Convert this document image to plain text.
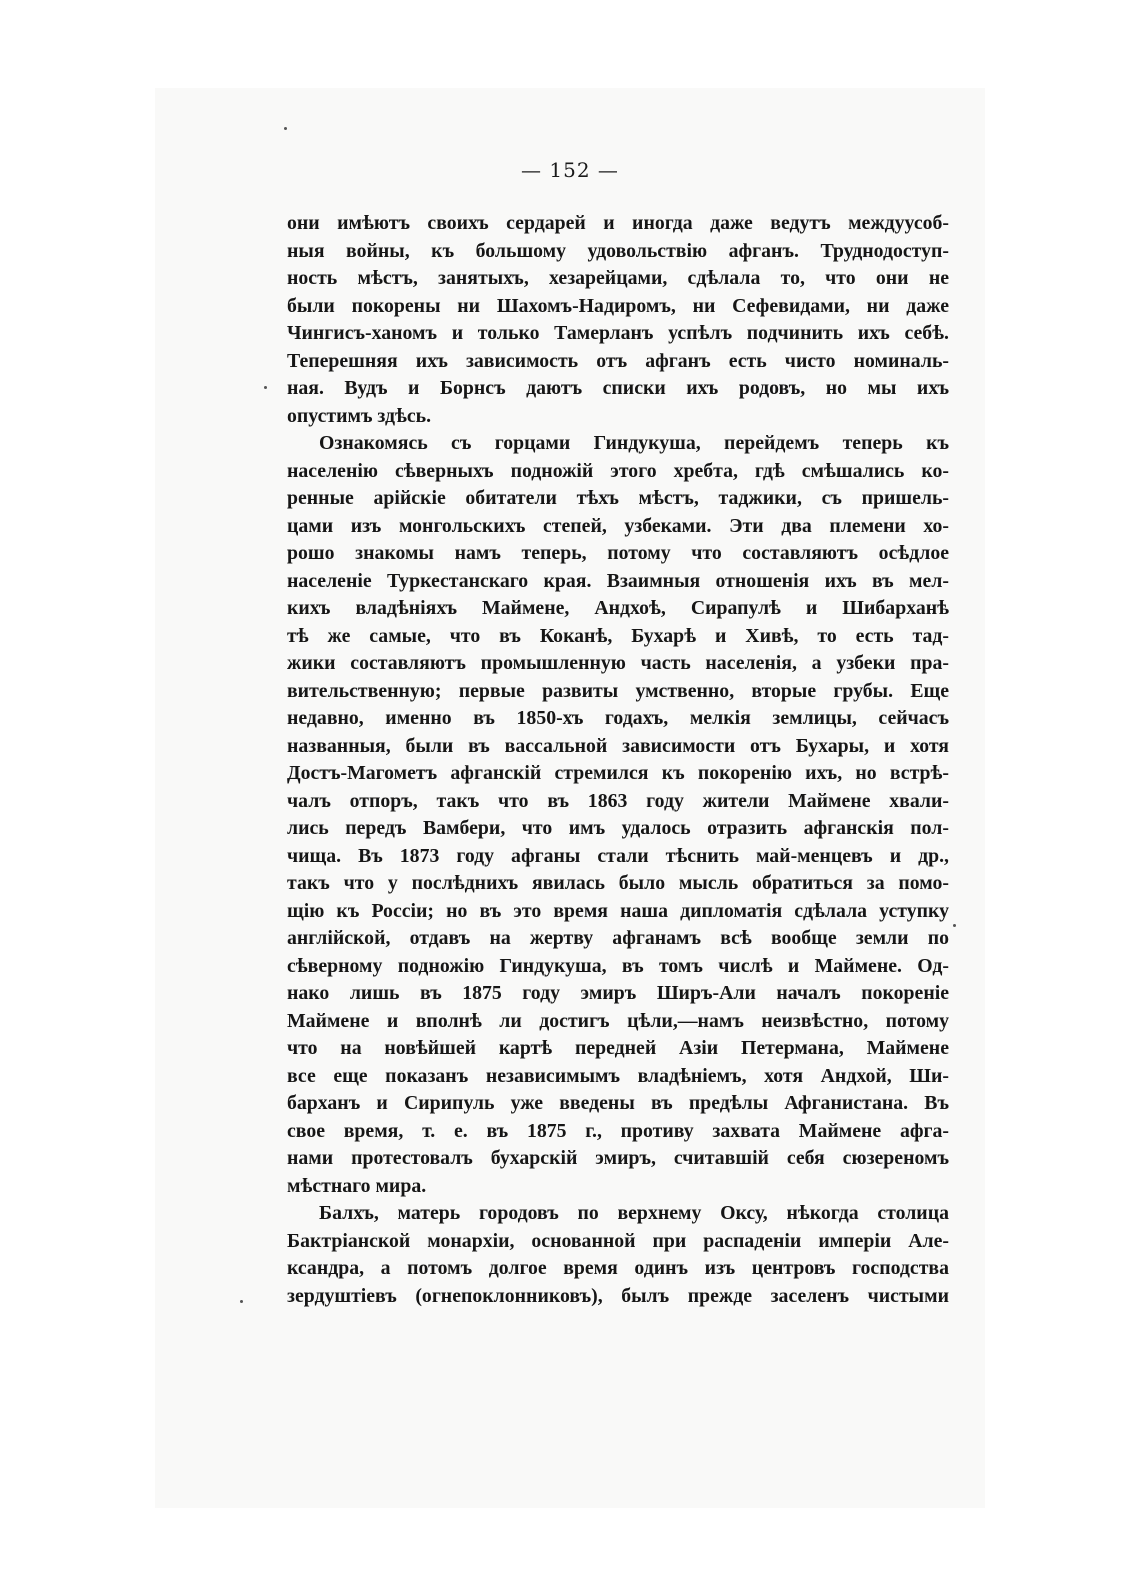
— 152 —
они имѣютъ своихъ сердарей и иногда даже ведутъ междуусоб-
ныя войны, къ большому удовольствію афганъ. Труднодоступ-
ность мѣстъ, занятыхъ, хезарейцами, сдѣлала то, что они не
были покорены ни Шахомъ-Надиромъ, ни Сефевидами, ни даже
Чингисъ-ханомъ и только Тамерланъ успѣлъ подчинить ихъ себѣ.
Теперешняя ихъ зависимость отъ афганъ есть чисто номиналь-
ная. Вудъ и Борнсъ даютъ списки ихъ родовъ, но мы ихъ
опустимъ здѣсь.
Ознакомясь съ горцами Гиндукуша, перейдемъ теперь къ
населенію сѣверныхъ подножій этого хребта, гдѣ смѣшались ко-
ренные арійскіе обитатели тѣхъ мѣстъ, таджики, съ пришель-
цами изъ монгольскихъ степей, узбеками. Эти два племени хо-
рошо знакомы намъ теперь, потому что составляютъ осѣдлое
населеніе Туркестанскаго края. Взаимныя отношенія ихъ въ мел-
кихъ владѣніяхъ Маймене, Андхоѣ, Сирапулѣ и Шибарханѣ
тѣ же самые, что въ Коканѣ, Бухарѣ и Хивѣ, то есть тад-
жики составляютъ промышленную часть населенія, а узбеки пра-
вительственную; первые развиты умственно, вторые грубы. Еще
недавно, именно въ 1850-хъ годахъ, мелкія землицы, сейчасъ
названныя, были въ вассальной зависимости отъ Бухары, и хотя
Достъ-Магометъ афганскій стремился къ покоренію ихъ, но встрѣ-
чалъ отпоръ, такъ что въ 1863 году жители Маймене хвали-
лись передъ Вамбери, что имъ удалось отразить афганскія пол-
чища. Въ 1873 году афганы стали тѣснить май-менцевъ и др.,
такъ что у послѣднихъ явилась было мысль обратиться за помо-
щію къ Россіи; но въ это время наша дипломатія сдѣлала уступку
англійской, отдавъ на жертву афганамъ всѣ вообще земли по
сѣверному подножію Гиндукуша, въ томъ числѣ и Маймене. Од-
нако лишь въ 1875 году эмиръ Ширъ-Али началъ покореніе
Маймене и вполнѣ ли достигъ цѣли,—намъ неизвѣстно, потому
что на новѣйшей картѣ передней Азіи Петермана, Маймене
все еще показанъ независимымъ владѣніемъ, хотя Андхой, Ши-
барханъ и Сирипуль уже введены въ предѣлы Афганистана. Въ
свое время, т. е. въ 1875 г., противу захвата Маймене афга-
нами протестовалъ бухарскій эмиръ, считавшій себя сюзереномъ
мѣстнаго мира.
Балхъ, матерь городовъ по верхнему Оксу, нѣкогда столица
Бактріанской монархіи, основанной при распаденіи имперіи Але-
ксандра, а потомъ долгое время одинъ изъ центровъ господства
зердуштіевъ (огнепоклонниковъ), былъ прежде заселенъ чистыми
